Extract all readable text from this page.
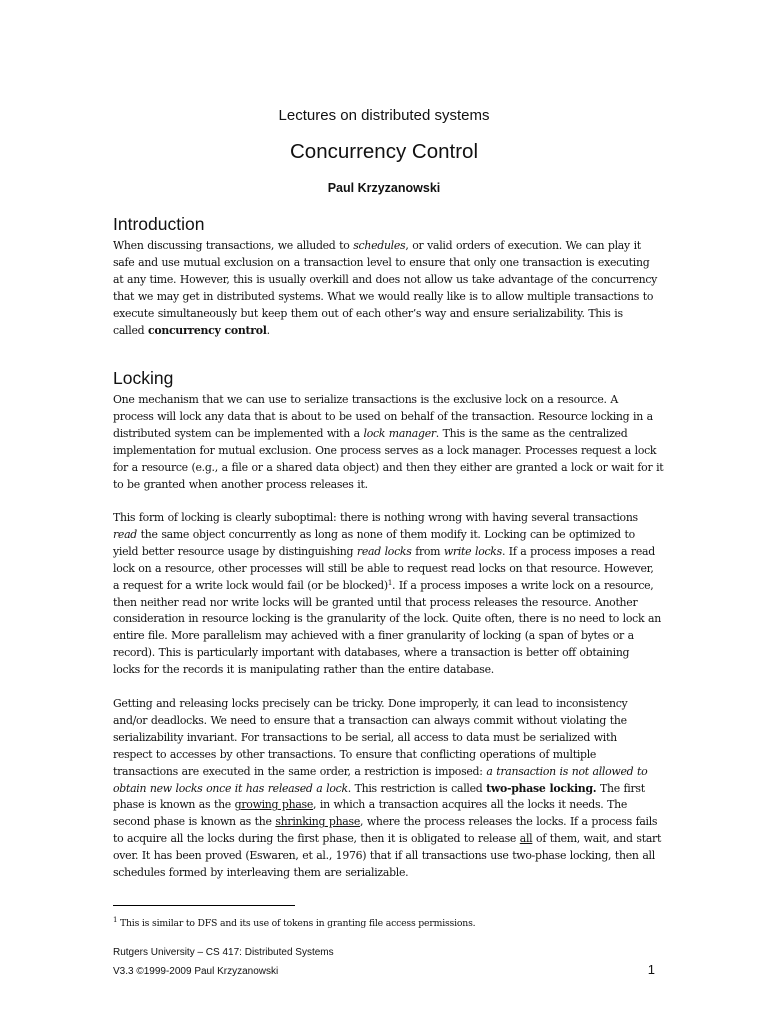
Lectures on distributed systems
Concurrency Control
Paul Krzyzanowski
Introduction
When discussing transactions, we alluded to schedules, or valid orders of execution. We can play it
safe and use mutual exclusion on a transaction level to ensure that only one transaction is executing
at any time. However, this is usually overkill and does not allow us take advantage of the concurrency
that we may get in distributed systems. What we would really like is to allow multiple transactions to
execute simultaneously but keep them out of each other’s way and ensure serializability. This is
called concurrency control.
Locking
One mechanism that we can use to serialize transactions is the exclusive lock on a resource. A
process will lock any data that is about to be used on behalf of the transaction. Resource locking in a
distributed system can be implemented with a lock manager. This is the same as the centralized
implementation for mutual exclusion. One process serves as a lock manager. Processes request a lock
for a resource (e.g., a file or a shared data object) and then they either are granted a lock or wait for it
to be granted when another process releases it.
This form of locking is clearly suboptimal: there is nothing wrong with having several transactions
read the same object concurrently as long as none of them modify it. Locking can be optimized to
yield better resource usage by distinguishing read locks from write locks. If a process imposes a read
lock on a resource, other processes will still be able to request read locks on that resource. However,
a request for a write lock would fail (or be blocked)$^1$. If a process imposes a write lock on a resource,
then neither read nor write locks will be granted until that process releases the resource. Another
consideration in resource locking is the granularity of the lock. Quite often, there is no need to lock an
entire file. More parallelism may achieved with a finer granularity of locking (a span of bytes or a
record). This is particularly important with databases, where a transaction is better off obtaining
locks for the records it is manipulating rather than the entire database.
Getting and releasing locks precisely can be tricky. Done improperly, it can lead to inconsistency
and/or deadlocks. We need to ensure that a transaction can always commit without violating the
serializability invariant. For transactions to be serial, all access to data must be serialized with
respect to accesses by other transactions. To ensure that conflicting operations of multiple
transactions are executed in the same order, a restriction is imposed: a transaction is not allowed to
obtain new locks once it has released a lock. This restriction is called two-phase locking. The first
phase is known as the growing phase, in which a transaction acquires all the locks it needs. The
second phase is known as the shrinking phase, where the process releases the locks. If a process fails
to acquire all the locks during the first phase, then it is obligated to release all of them, wait, and start
over. It has been proved (Eswaren, et al., 1976) that if all transactions use two-phase locking, then all
schedules formed by interleaving them are serializable.

$^1$ This is similar to DFS and its use of tokens in granting file access permissions.

Rutgers University – CS 417: Distributed Systems
V3.3 ©1999-2009 Paul Krzyzanowski	1
